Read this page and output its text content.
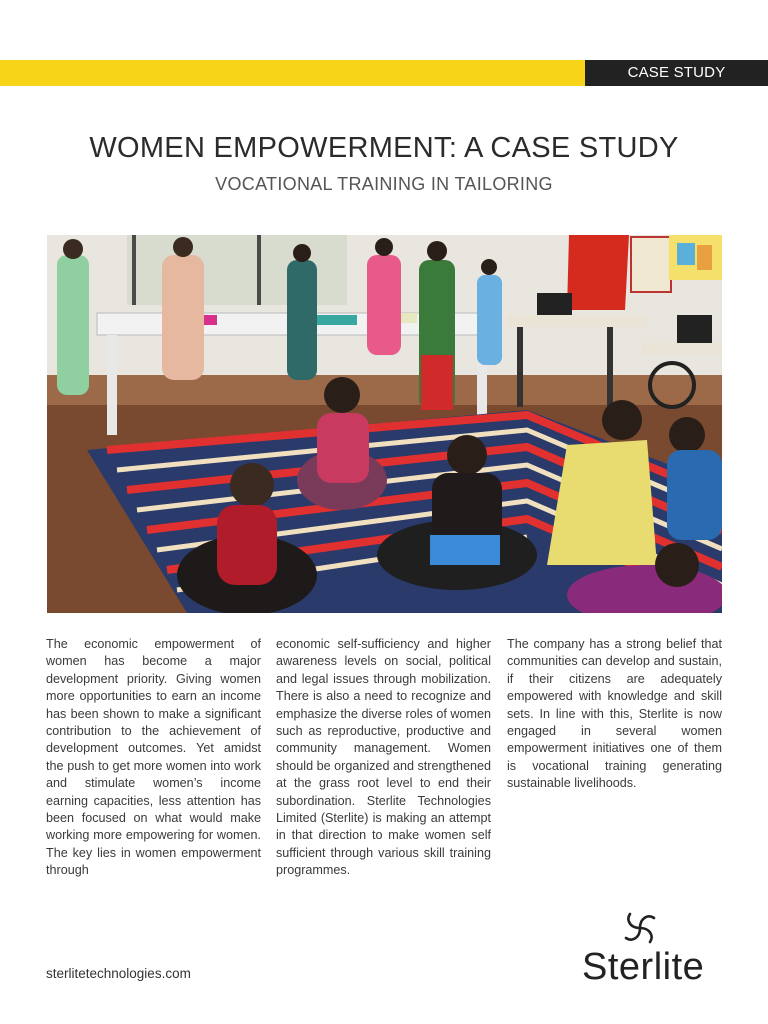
CASE STUDY
WOMEN EMPOWERMENT: A CASE STUDY
VOCATIONAL TRAINING IN TAILORING
The economic empowerment of women has become a major development priority. Giving women more opportunities to earn an income has been shown to make a significant contribution to the achievement of development outcomes. Yet amidst the push to get more women into work and stimulate women’s income earning capacities, less attention has been focused on what would make working more empowering for women. The key lies in women empowerment through
economic self-sufficiency and higher awareness levels on social, political and legal issues through mobilization. There is also a need to recognize and emphasize the diverse roles of women such as reproductive, productive and community management. Women should be organized and strengthened at the grass root level to end their subordination. Sterlite Technologies Limited (Sterlite) is making an attempt in that direction to make women self sufficient through various skill training programmes.
The company has a strong belief that communities can develop and sustain, if their citizens are adequately empowered with knowledge and skill sets. In line with this, Sterlite is now engaged in several women empowerment initiatives one of them is vocational training generating sustainable livelihoods.
sterlitetechnologies.com	Sterlite
